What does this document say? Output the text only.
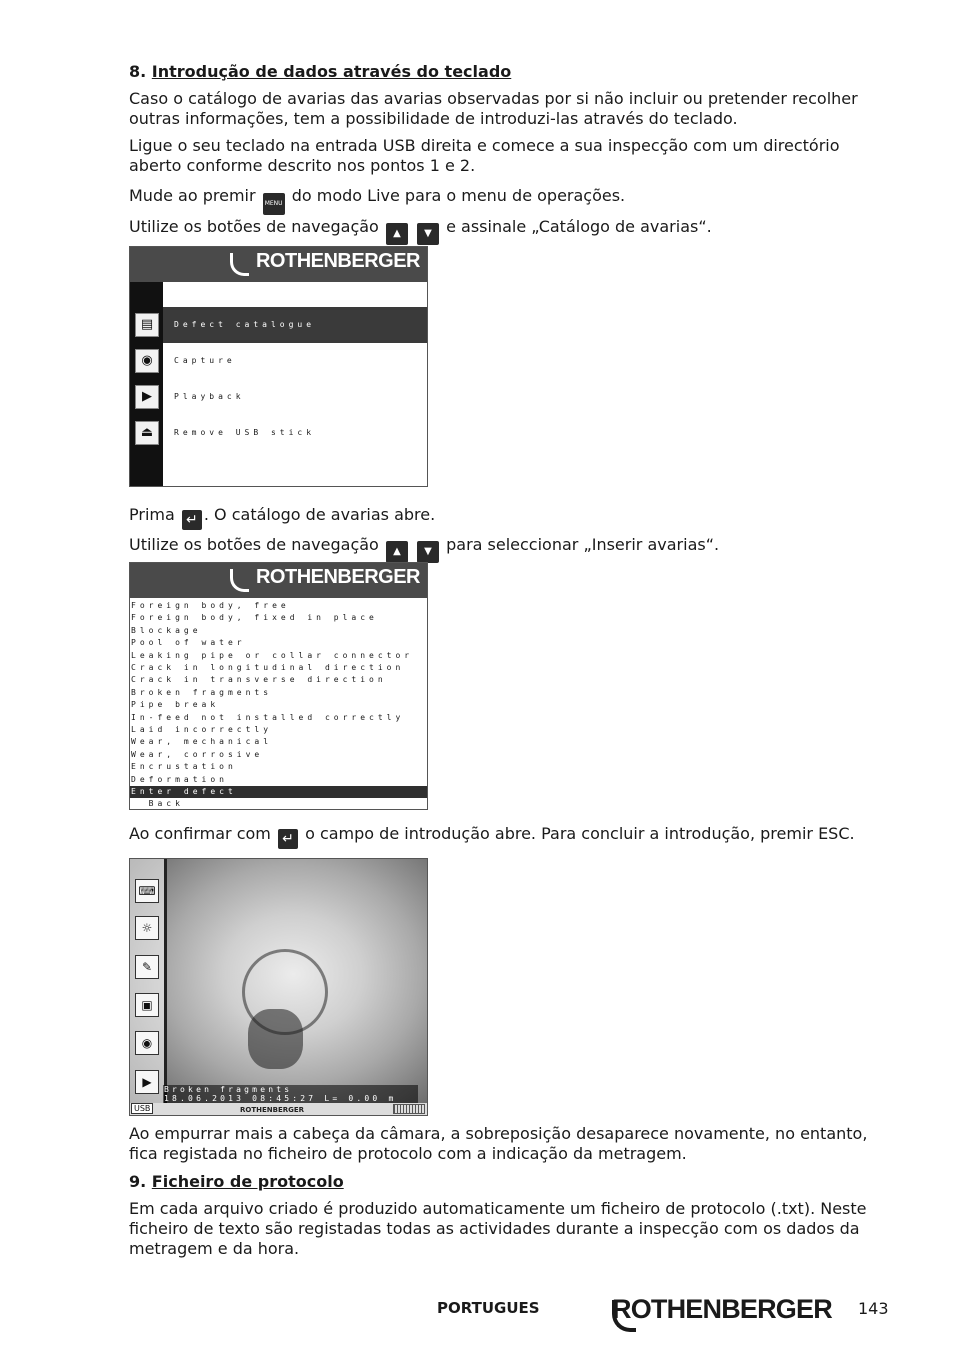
8. Introdução de dados através do teclado

Caso o catálogo de avarias das avarias observadas por si não incluir ou pretender recolher outras informações, tem a possibilidade de introduzi-las através do teclado.

Ligue o seu teclado na entrada USB direita e comece a sua inspecção com um directório aberto conforme descrito nos pontos 1 e 2.

Mude ao premir MENU do modo Live para o menu de operações.

Utilize os botões de navegação ▲ ▼ e assinale „Catálogo de avarias“.

ROTHENBERGER
Defect catalogue
▤
Capture
◉
Playback
▶
Remove USB stick
⏏

Prima ↵ . O catálogo de avarias abre.

Utilize os botões de navegação ▲ ▼ para seleccionar „Inserir avarias“.

ROTHENBERGER
Foreign body, free
Foreign body, fixed in place
Blockage
Pool of water
Leaking pipe or collar connector
Crack in longitudinal direction
Crack in transverse direction
Broken fragments
Pipe break
In-feed not installed correctly
Laid incorrectly
Wear, mechanical
Wear, corrosive
Encrustation
Deformation
Enter defect
Back

Ao confirmar com ↵ o campo de introdução abre. Para concluir a introdução, premir ESC.

⌨
☼
✎
▣
◉
▶
Broken fragments
18.06.2013 08:45:27 L= 0.00 m
USB	ROTHENBERGER

Ao empurrar mais a cabeça da câmara, a sobreposição desaparece novamente, no entanto, fica registada no ficheiro de protocolo com a indicação da metragem.

9. Ficheiro de protocolo

Em cada arquivo criado é produzido automaticamente um ficheiro de protocolo (.txt). Neste ficheiro de texto são registadas todas as actividades durante a inspecção com os dados da metragem e da hora.

PORTUGUES	ROTHENBERGER 143
